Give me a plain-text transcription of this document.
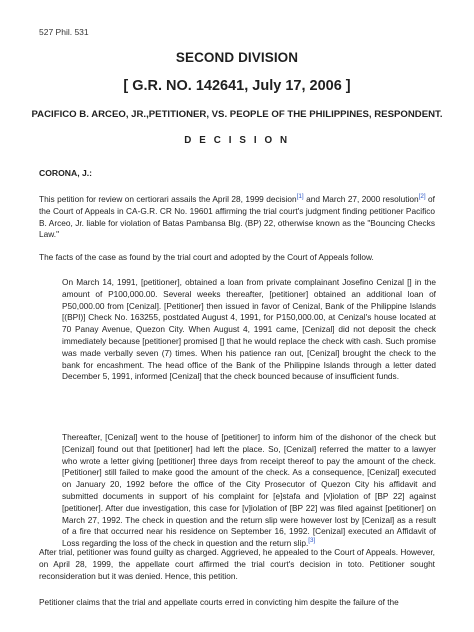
527 Phil. 531
SECOND DIVISION
[ G.R. NO. 142641, July 17, 2006 ]
PACIFICO B. ARCEO, JR.,PETITIONER, VS. PEOPLE OF THE PHILIPPINES, RESPONDENT.
D E C I S I O N
CORONA, J.:

This petition for review on certiorari assails the April 28, 1999 decision[1] and March 27, 2000 resolution[2] of the Court of Appeals in CA-G.R. CR No. 19601 affirming the trial court's judgment finding petitioner Pacifico B. Arceo, Jr. liable for violation of Batas Pambansa Blg. (BP) 22, otherwise known as the "Bouncing Checks Law."

The facts of the case as found by the trial court and adopted by the Court of Appeals follow.

On March 14, 1991, [petitioner], obtained a loan from private complainant Josefino Cenizal [] in the amount of P100,000.00. Several weeks thereafter, [petitioner] obtained an additional loan of P50,000.00 from [Cenizal]. [Petitioner] then issued in favor of Cenizal, Bank of the Philippine Islands [(BPI)] Check No. 163255, postdated August 4, 1991, for P150,000.00, at Cenizal's house located at 70 Panay Avenue, Quezon City. When August 4, 1991 came, [Cenizal] did not deposit the check immediately because [petitioner] promised [] that he would replace the check with cash. Such promise was made verbally seven (7) times. When his patience ran out, [Cenizal] brought the check to the bank for encashment. The head office of the Bank of the Philippine Islands through a letter dated December 5, 1991, informed [Cenizal] that the check bounced because of insufficient funds.

Thereafter, [Cenizal] went to the house of [petitioner] to inform him of the dishonor of the check but [Cenizal] found out that [petitioner] had left the place. So, [Cenizal] referred the matter to a lawyer who wrote a letter giving [petitioner] three days from receipt thereof to pay the amount of the check. [Petitioner] still failed to make good the amount of the check. As a consequence, [Cenizal] executed on January 20, 1992 before the office of the City Prosecutor of Quezon City his affidavit and submitted documents in support of his complaint for [e]stafa and [v]iolation of [BP 22] against [petitioner]. After due investigation, this case for [v]iolation of [BP 22] was filed against [petitioner] on March 27, 1992. The check in question and the return slip were however lost by [Cenizal] as a result of a fire that occurred near his residence on September 16, 1992. [Cenizal] executed an Affidavit of Loss regarding the loss of the check in question and the return slip.[3]

After trial, petitioner was found guilty as charged. Aggrieved, he appealed to the Court of Appeals. However, on April 28, 1999, the appellate court affirmed the trial court's decision in toto. Petitioner sought reconsideration but it was denied. Hence, this petition.

Petitioner claims that the trial and appellate courts erred in convicting him despite the failure of the
